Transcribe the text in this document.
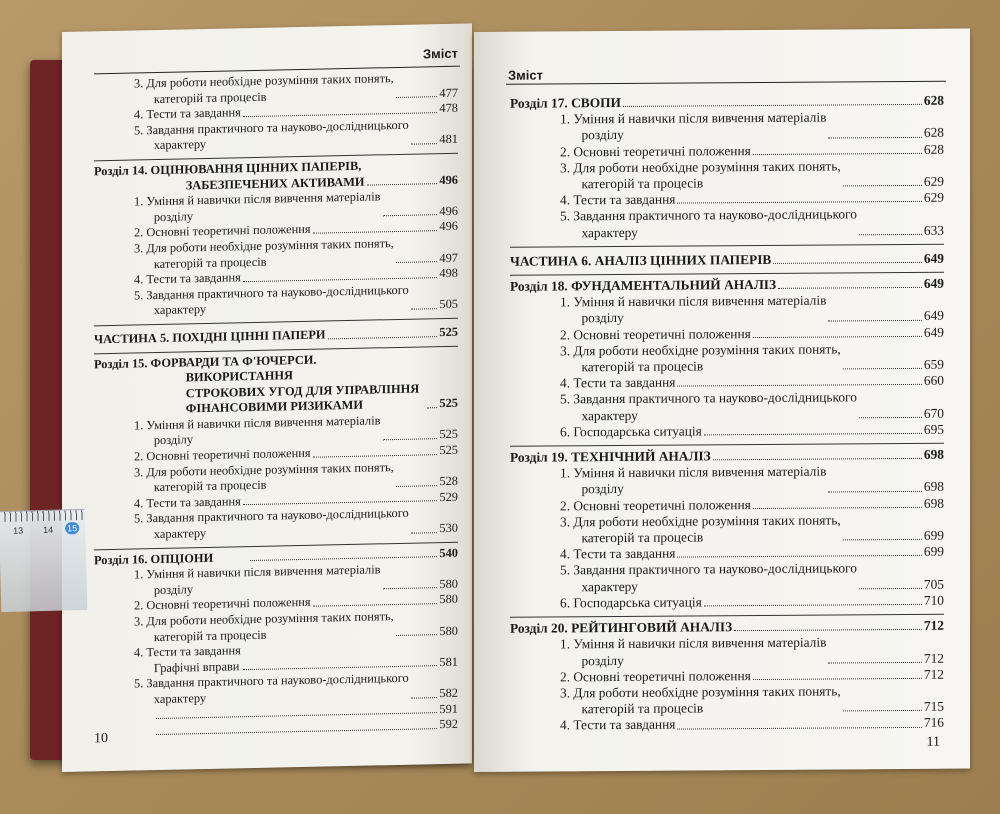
Зміст
3. Для роботи необхідне розуміння таких понять,
категорій та процесів	477
4. Тести та завдання	478
5. Завдання практичного та науково-дослідницького
характеру	481
Розділ 14. ОЦІНЮВАННЯ ЦІННИХ ПАПЕРІВ,
ЗАБЕЗПЕЧЕНИХ АКТИВАМИ	496
1. Уміння й навички після вивчення матеріалів
розділу	496
2. Основні теоретичні положення	496
3. Для роботи необхідне розуміння таких понять,
категорій та процесів	497
4. Тести та завдання	498
5. Завдання практичного та науково-дослідницького
характеру	505
ЧАСТИНА 5. ПОХІДНІ ЦІННІ ПАПЕРИ	525
Розділ 15. ФОРВАРДИ ТА Ф'ЮЧЕРСИ. ВИКОРИСТАННЯ
СТРОКОВИХ УГОД ДЛЯ УПРАВЛІННЯ
ФІНАНСОВИМИ РИЗИКАМИ	525
1. Уміння й навички після вивчення матеріалів
розділу	525
2. Основні теоретичні положення	525
3. Для роботи необхідне розуміння таких понять,
категорій та процесів	528
4. Тести та завдання	529
5. Завдання практичного та науково-дослідницького
характеру	530
Розділ 16. ОПЦІОНИ	540
1. Уміння й навички після вивчення матеріалів
розділу	580
2. Основні теоретичні положення	580
3. Для роботи необхідне розуміння таких понять,
категорій та процесів	580
4. Тести та завдання
Графічні вправи	581
5. Завдання практичного та науково-дослідницького
характеру	582
591
592
10
Зміст
Розділ 17. СВОПИ	628
1. Уміння й навички після вивчення матеріалів
розділу	628
2. Основні теоретичні положення	628
3. Для роботи необхідне розуміння таких понять,
категорій та процесів	629
4. Тести та завдання	629
5. Завдання практичного та науково-дослідницького
характеру	633
ЧАСТИНА 6. АНАЛІЗ ЦІННИХ ПАПЕРІВ	649
Розділ 18. ФУНДАМЕНТАЛЬНИЙ АНАЛІЗ	649
1. Уміння й навички після вивчення матеріалів
розділу	649
2. Основні теоретичні положення	649
3. Для роботи необхідне розуміння таких понять,
категорій та процесів	659
4. Тести та завдання	660
5. Завдання практичного та науково-дослідницького
характеру	670
6. Господарська ситуація	695
Розділ 19. ТЕХНІЧНИЙ АНАЛІЗ	698
1. Уміння й навички після вивчення матеріалів
розділу	698
2. Основні теоретичні положення	698
3. Для роботи необхідне розуміння таких понять,
категорій та процесів	699
4. Тести та завдання	699
5. Завдання практичного та науково-дослідницького
характеру	705
6. Господарська ситуація	710
Розділ 20. РЕЙТИНГОВИЙ АНАЛІЗ	712
1. Уміння й навички після вивчення матеріалів
розділу	712
2. Основні теоретичні положення	712
3. Для роботи необхідне розуміння таких понять,
категорій та процесів	715
4. Тести та завдання	716
11
13 14 15
